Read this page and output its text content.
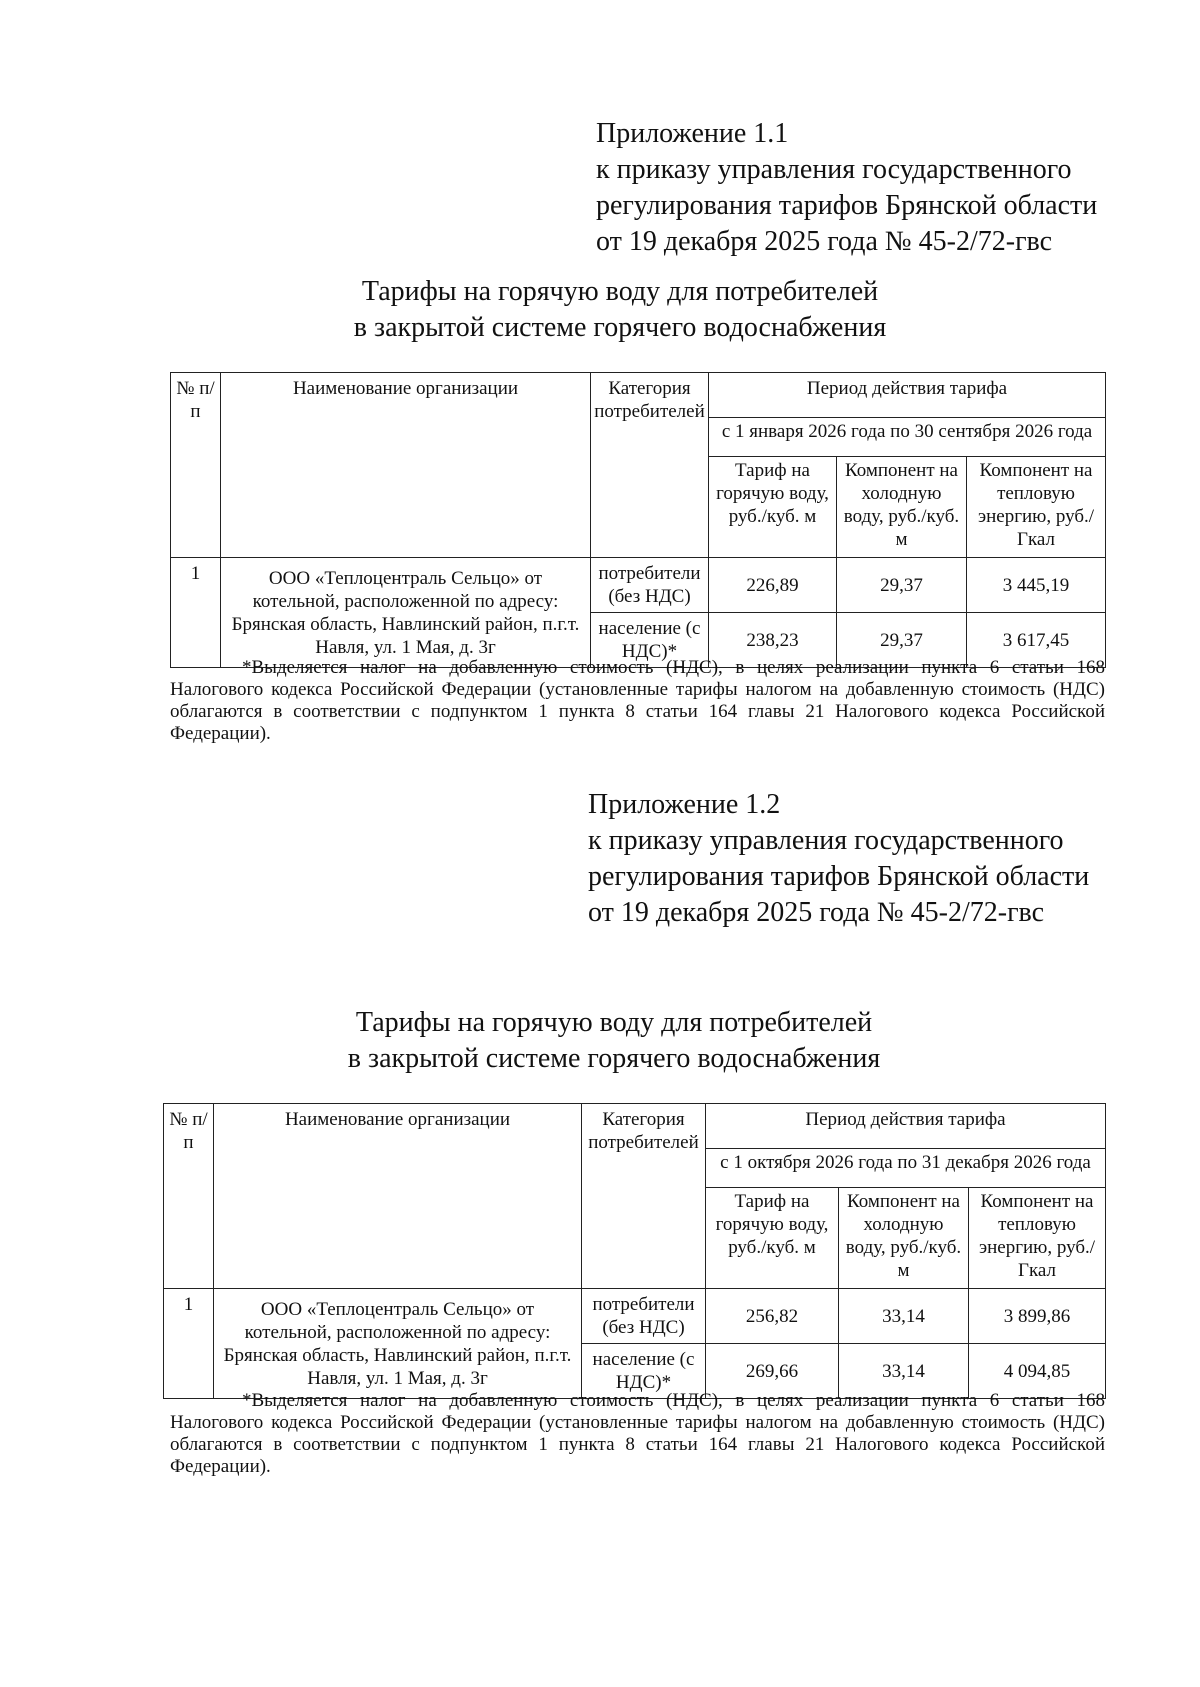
Приложение 1.1
к приказу управления государственного
регулирования тарифов Брянской области
от 19 декабря 2025 года № 45-2/72-гвс
Тарифы на горячую воду для потребителей
в закрытой системе горячего водоснабжения
№ п/п	Наименование организации	Категория потребителей	Период действия тарифа		
			с 1 января 2026 года по 30 сентября 2026 года		
			Тариф на горячую воду, руб./куб. м	Компонент на холодную воду, руб./куб. м	Компонент на тепловую энергию, руб./Гкал
1	ООО «Теплоцентраль Сельцо» от котельной, расположенной по адресу: Брянская область, Навлинский район, п.г.т. Навля, ул. 1 Мая, д. 3г	потребители (без НДС)	226,89	29,37	3 445,19
		население (с НДС)*	238,23	29,37	3 617,45
*Выделяется налог на добавленную стоимость (НДС), в целях реализации пункта 6 статьи 168 Налогового кодекса Российской Федерации (установленные тарифы налогом на добавленную стоимость (НДС) облагаются в соответствии с подпунктом 1 пункта 8 статьи 164 главы 21 Налогового кодекса Российской Федерации).
Приложение 1.2
к приказу управления государственного
регулирования тарифов Брянской области
от 19 декабря 2025 года № 45-2/72-гвс
Тарифы на горячую воду для потребителей
в закрытой системе горячего водоснабжения
№ п/п	Наименование организации	Категория потребителей	Период действия тарифа		
			с 1 октября 2026 года по 31 декабря 2026 года		
			Тариф на горячую воду, руб./куб. м	Компонент на холодную воду, руб./куб. м	Компонент на тепловую энергию, руб./Гкал
1	ООО «Теплоцентраль Сельцо» от котельной, расположенной по адресу: Брянская область, Навлинский район, п.г.т. Навля, ул. 1 Мая, д. 3г	потребители (без НДС)	256,82	33,14	3 899,86
		население (с НДС)*	269,66	33,14	4 094,85
*Выделяется налог на добавленную стоимость (НДС), в целях реализации пункта 6 статьи 168 Налогового кодекса Российской Федерации (установленные тарифы налогом на добавленную стоимость (НДС) облагаются в соответствии с подпунктом 1 пункта 8 статьи 164 главы 21 Налогового кодекса Российской Федерации).
